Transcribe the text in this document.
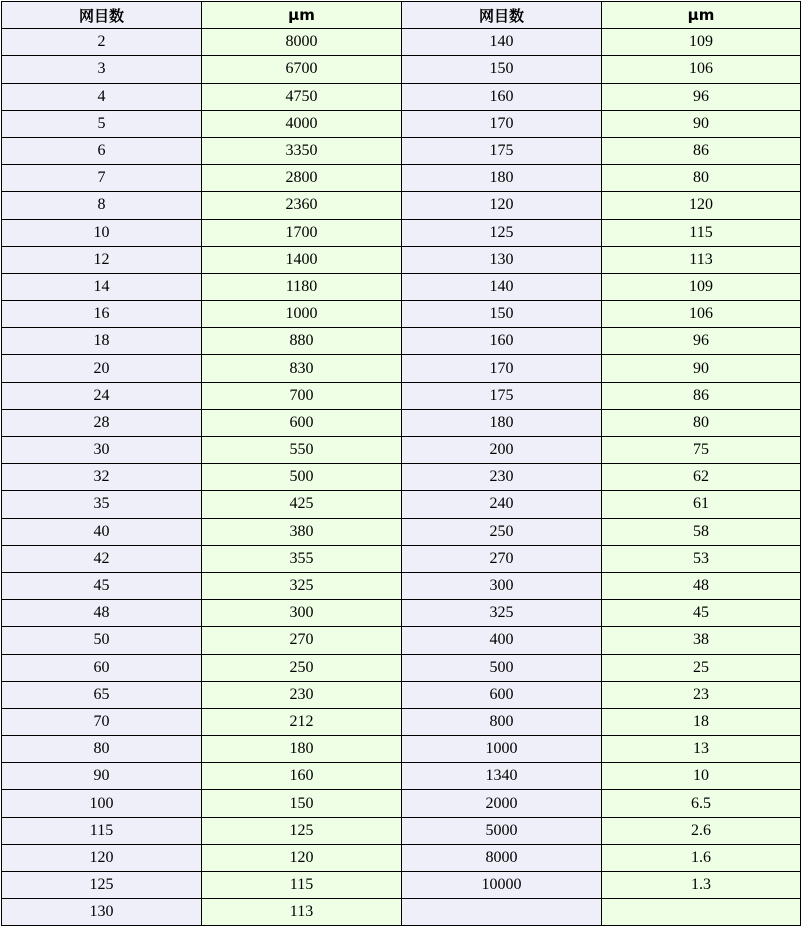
网目数	μm	网目数	μm
2	8000	140	109
3	6700	150	106
4	4750	160	96
5	4000	170	90
6	3350	175	86
7	2800	180	80
8	2360	120	120
10	1700	125	115
12	1400	130	113
14	1180	140	109
16	1000	150	106
18	880	160	96
20	830	170	90
24	700	175	86
28	600	180	80
30	550	200	75
32	500	230	62
35	425	240	61
40	380	250	58
42	355	270	53
45	325	300	48
48	300	325	45
50	270	400	38
60	250	500	25
65	230	600	23
70	212	800	18
80	180	1000	13
90	160	1340	10
100	150	2000	6.5
115	125	5000	2.6
120	120	8000	1.6
125	115	10000	1.3
130	113		
